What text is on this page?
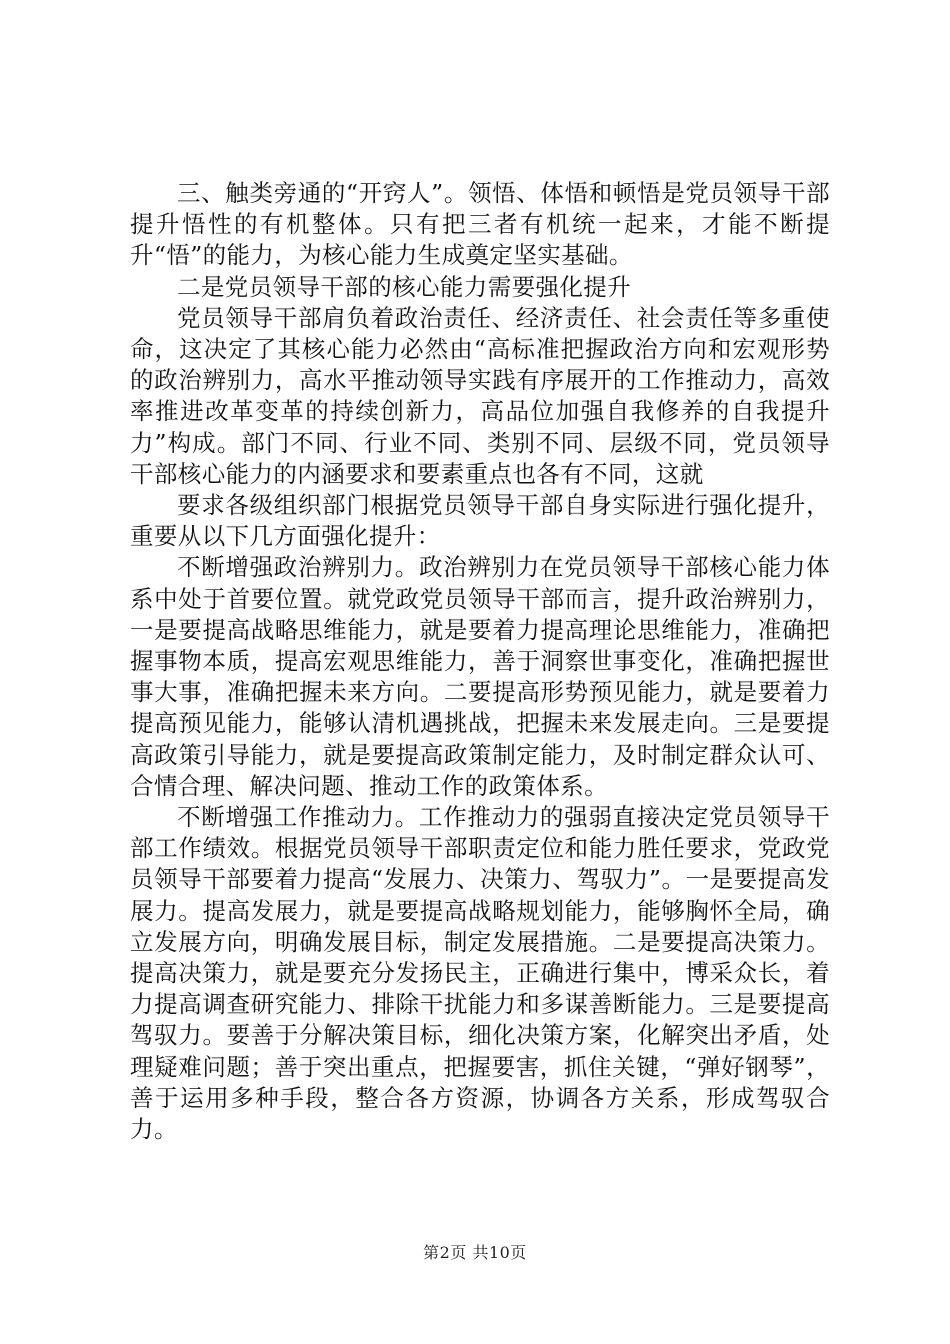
三、触类旁通的“开窍人”。领悟、体悟和顿悟是党员领导干部提升悟性的有机整体。只有把三者有机统一起来，才能不断提升“悟”的能力，为核心能力生成奠定坚实基础。

二是党员领导干部的核心能力需要强化提升

党员领导干部肩负着政治责任、经济责任、社会责任等多重使命，这决定了其核心能力必然由“高标准把握政治方向和宏观形势的政治辨别力，高水平推动领导实践有序展开的工作推动力，高效率推进改革变革的持续创新力，高品位加强自我修养的自我提升力”构成。部门不同、行业不同、类别不同、层级不同，党员领导干部核心能力的内涵要求和要素重点也各有不同，这就

要求各级组织部门根据党员领导干部自身实际进行强化提升，重要从以下几方面强化提升：

不断增强政治辨别力。政治辨别力在党员领导干部核心能力体系中处于首要位置。就党政党员领导干部而言，提升政治辨别力，一是要提高战略思维能力，就是要着力提高理论思维能力，准确把握事物本质，提高宏观思维能力，善于洞察世事变化，准确把握世事大事，准确把握未来方向。二要提高形势预见能力，就是要着力提高预见能力，能够认清机遇挑战，把握未来发展走向。三是要提高政策引导能力，就是要提高政策制定能力，及时制定群众认可、合情合理、解决问题、推动工作的政策体系。

不断增强工作推动力。工作推动力的强弱直接决定党员领导干部工作绩效。根据党员领导干部职责定位和能力胜任要求，党政党员领导干部要着力提高“发展力、决策力、驾驭力”。一是要提高发展力。提高发展力，就是要提高战略规划能力，能够胸怀全局，确立发展方向，明确发展目标，制定发展措施。二是要提高决策力。提高决策力，就是要充分发扬民主，正确进行集中，博采众长，着力提高调查研究能力、排除干扰能力和多谋善断能力。三是要提高驾驭力。要善于分解决策目标，细化决策方案，化解突出矛盾，处理疑难问题；善于突出重点，把握要害，抓住关键，“弹好钢琴”，善于运用多种手段，整合各方资源，协调各方关系，形成驾驭合力。

第2页 共10页
